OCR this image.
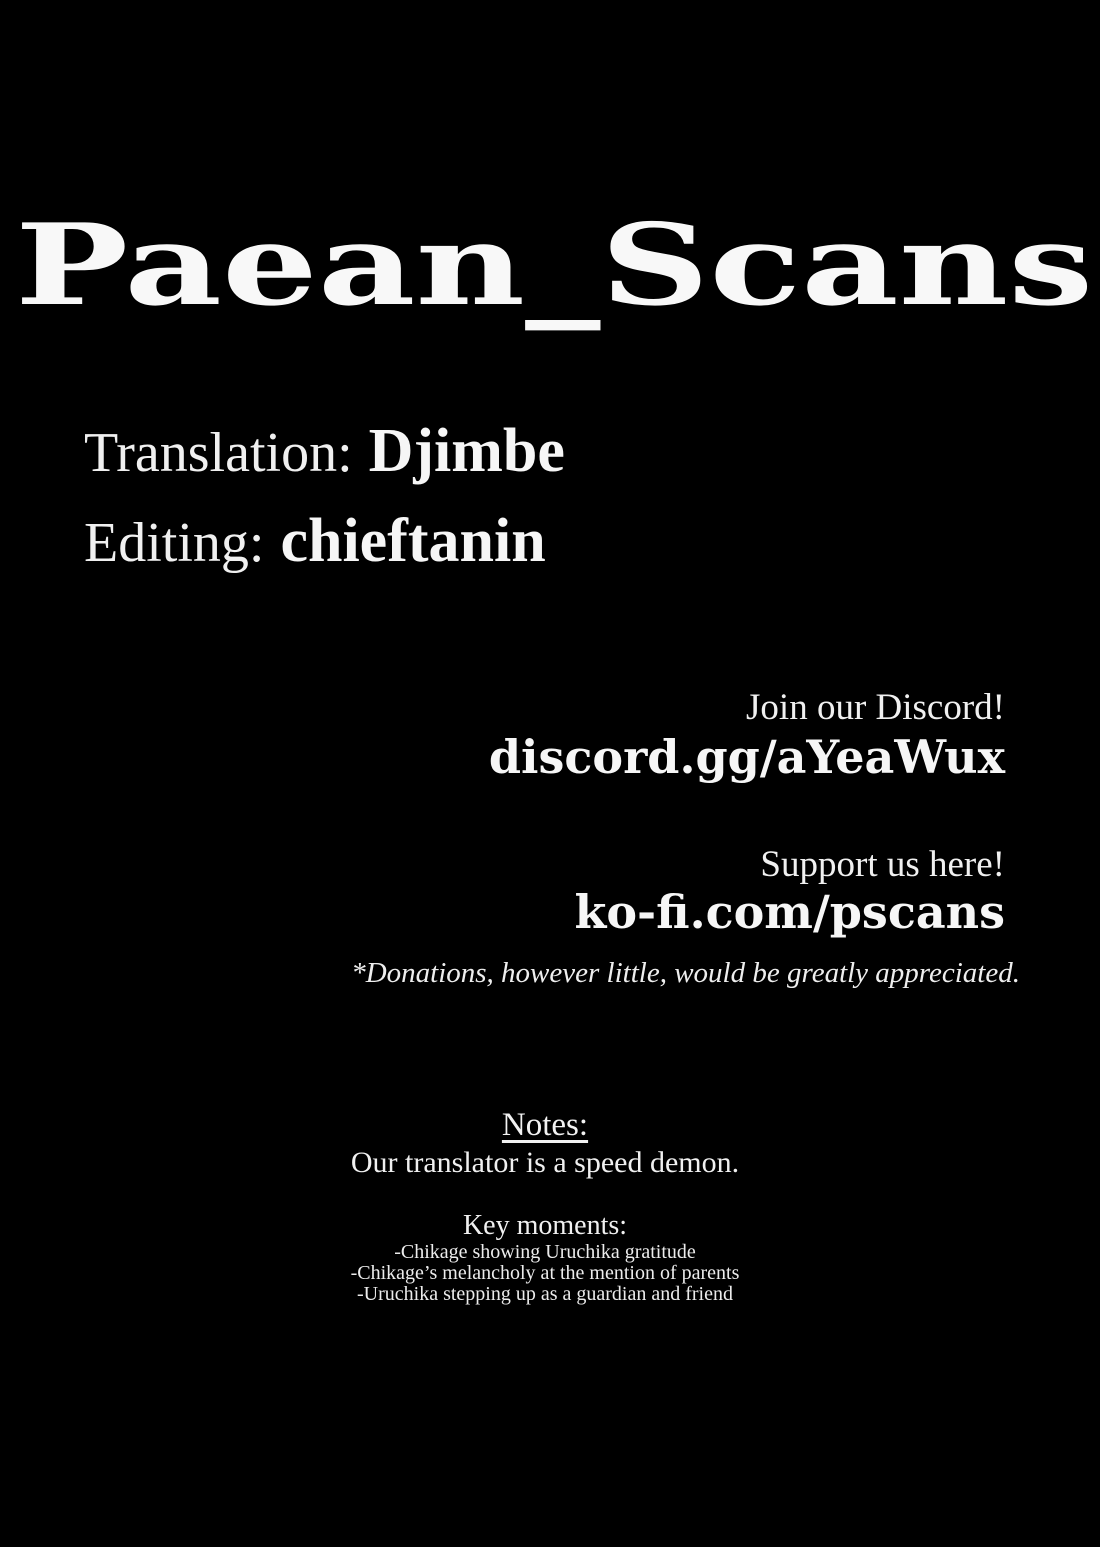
Paean_Scans
Translation: Djimbe
Editing: chieftanin
Join our Discord!
discord.gg/aYeaWux
Support us here!
ko-fi.com/pscans
*Donations, however little, would be greatly appreciated.
Notes:
Our translator is a speed demon.
Key moments:
-Chikage showing Uruchika gratitude
-Chikage’s melancholy at the mention of parents
-Uruchika stepping up as a guardian and friend
